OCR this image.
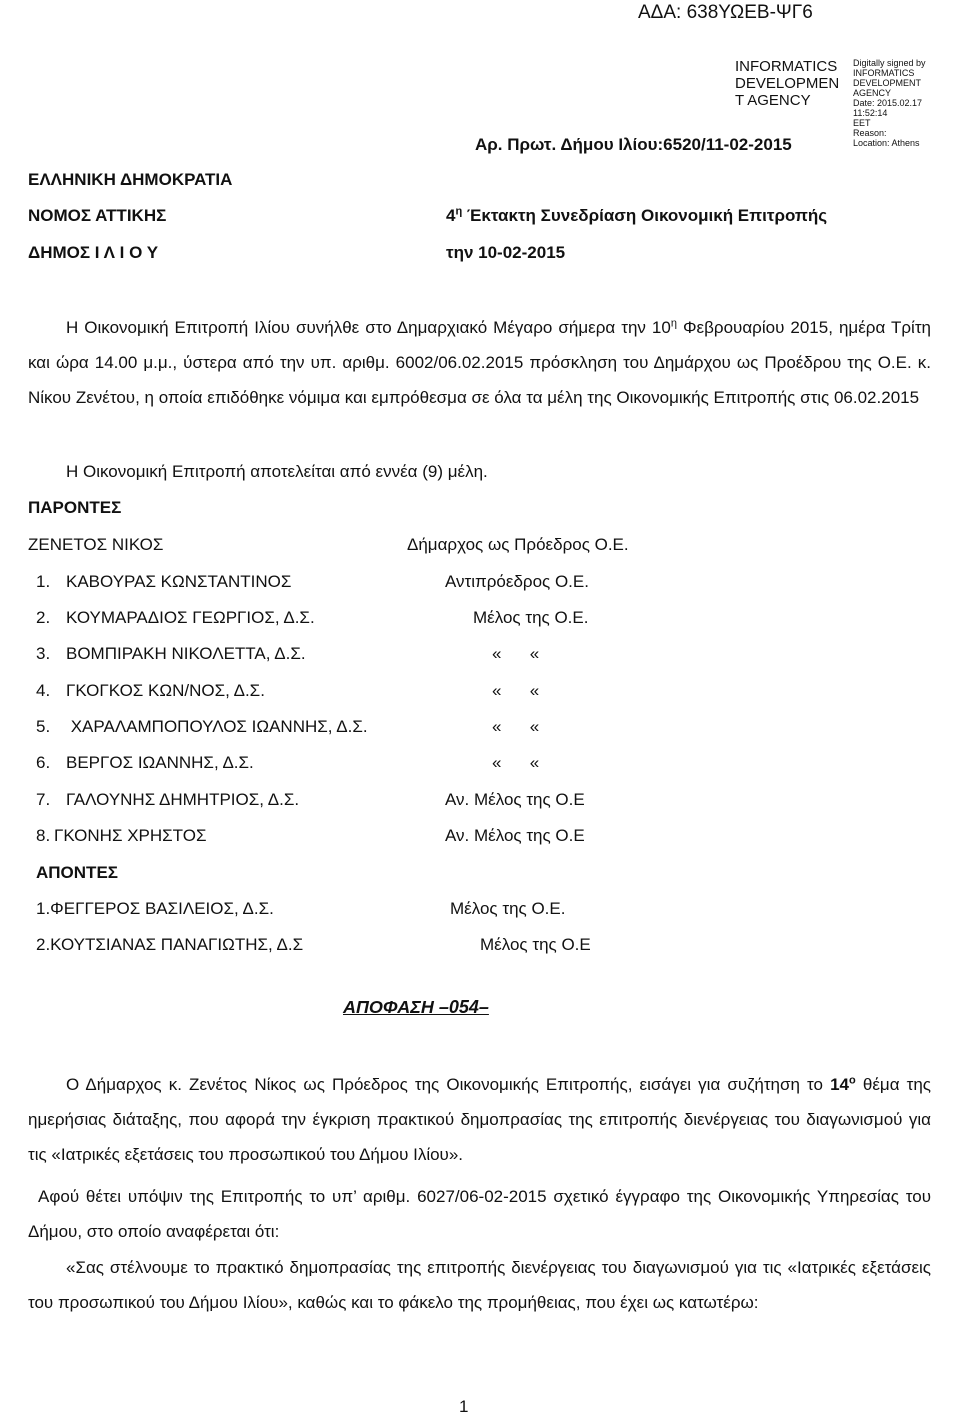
ΑΔΑ: 638ΥΩΕΒ-ΨΓ6
INFORMATICS DEVELOPMEN T AGENCY
Digitally signed by
INFORMATICS
DEVELOPMENT AGENCY
Date: 2015.02.17 11:52:14
EET
Reason:
Location: Athens
Αρ. Πρωτ. Δήμου Ιλίου:6520/11-02-2015
ΕΛΛΗΝΙΚΗ ΔΗΜΟΚΡΑΤΙΑ
ΝΟΜΟΣ ΑΤΤΙΚΗΣ
ΔΗΜΟΣ Ι Λ Ι Ο Υ
$4^\eta$ Έκτακτη Συνεδρίαση Οικονομική Επιτροπής
την 10-02-2015
Η Οικονομική Επιτροπή Ιλίου συνήλθε στο Δημαρχιακό Μέγαρο σήμερα την $10^\eta$ Φεβρουαρίου 2015, ημέρα Τρίτη και ώρα 14.00 μ.μ., ύστερα από την υπ. αριθμ. 6002/06.02.2015 πρόσκληση του Δημάρχου ως Προέδρου της Ο.Ε. κ. Νίκου Ζενέτου, η οποία επιδόθηκε νόμιμα και εμπρόθεσμα σε όλα τα μέλη της Οικονομικής Επιτροπής στις 06.02.2015
Η Οικονομική Επιτροπή αποτελείται από εννέα (9) μέλη.
ΠΑΡΟΝΤΕΣ
ΖΕΝΕΤΟΣ ΝΙΚΟΣ	Δήμαρχος ως Πρόεδρος Ο.Ε.
1. ΚΑΒΟΥΡΑΣ ΚΩΝΣΤΑΝΤΙΝΟΣ	Αντιπρόεδρος Ο.Ε.
2. ΚΟΥΜΑΡΑΔΙΟΣ ΓΕΩΡΓΙΟΣ, Δ.Σ.	Μέλος της Ο.Ε.
3. ΒΟΜΠΙΡΑΚΗ ΝΙΚΟΛΕΤΤΑ, Δ.Σ.	«      «
4. ΓΚΟΓΚΟΣ ΚΩΝ/ΝΟΣ, Δ.Σ.	«      «
5. ΧΑΡΑΛΑΜΠΟΠΟΥΛΟΣ ΙΩΑΝΝΗΣ, Δ.Σ.	«      «
6. ΒΕΡΓΟΣ ΙΩΑΝΝΗΣ, Δ.Σ.	«      «
7. ΓΑΛΟΥΝΗΣ ΔΗΜΗΤΡΙΟΣ, Δ.Σ.	Αν. Μέλος της Ο.Ε
8. ΓΚΟΝΗΣ ΧΡΗΣΤΟΣ	Αν. Μέλος της Ο.Ε
ΑΠΟΝΤΕΣ
1.ΦΕΓΓΕΡΟΣ ΒΑΣΙΛΕΙΟΣ, Δ.Σ.	Μέλος της Ο.Ε.
2.ΚΟΥΤΣΙΑΝΑΣ ΠΑΝΑΓΙΩΤΗΣ, Δ.Σ	Μέλος της Ο.Ε
ΑΠΟΦΑΣΗ –054–
Ο Δήμαρχος κ. Ζενέτος Νίκος ως Πρόεδρος της Οικονομικής Επιτροπής, εισάγει για συζήτηση το $14^o$ θέμα της ημερήσιας διάταξης, που αφορά την έγκριση πρακτικού δημοπρασίας της επιτροπής διενέργειας του διαγωνισμού για τις «Ιατρικές εξετάσεις του προσωπικού του Δήμου Ιλίου».
Αφού θέτει υπόψιν της Επιτροπής το υπ’ αριθμ. 6027/06-02-2015 σχετικό έγγραφο της Οικονομικής Υπηρεσίας του Δήμου, στο οποίο αναφέρεται ότι:
«Σας στέλνουμε το πρακτικό δημοπρασίας της επιτροπής διενέργειας του διαγωνισμού για τις «Ιατρικές εξετάσεις του προσωπικού του Δήμου Ιλίου», καθώς και το φάκελο της προμήθειας, που έχει ως κατωτέρω:
1
